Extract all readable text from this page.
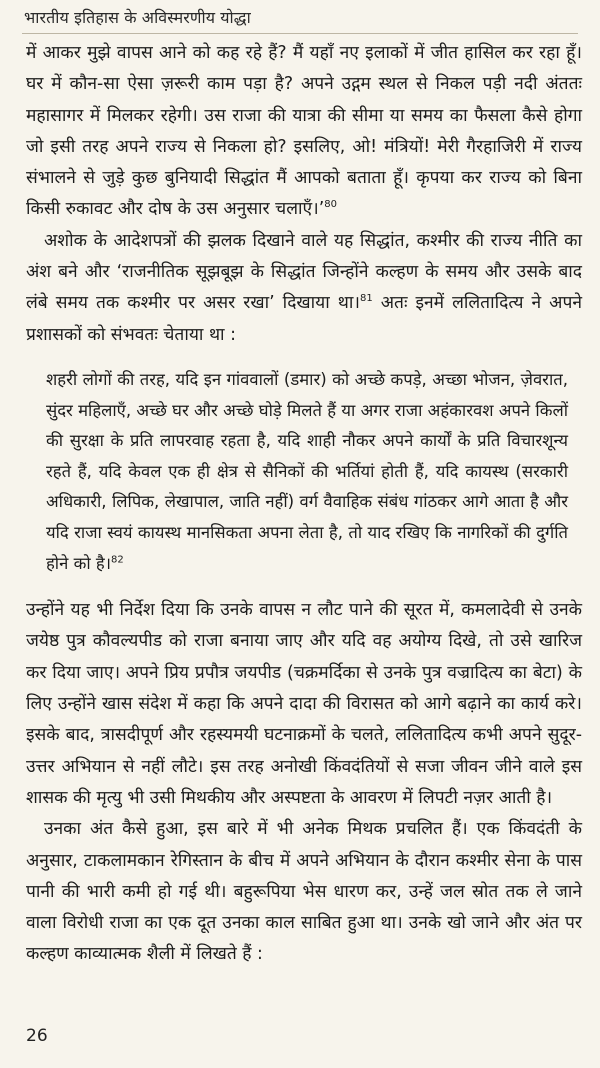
भारतीय इतिहास के अविस्मरणीय योद्धा

में आकर मुझे वापस आने को कह रहे हैं? मैं यहाँ नए इलाकों में जीत हासिल कर रहा हूँ। घर में कौन-सा ऐसा ज़रूरी काम पड़ा है? अपने उद्गम स्थल से निकल पड़ी नदी अंततः महासागर में मिलकर रहेगी। उस राजा की यात्रा की सीमा या समय का फैसला कैसे होगा जो इसी तरह अपने राज्य से निकला हो? इसलिए, ओ! मंत्रियों! मेरी गैरहाजिरी में राज्य संभालने से जुड़े कुछ बुनियादी सिद्धांत मैं आपको बताता हूँ। कृपया कर राज्य को बिना किसी रुकावट और दोष के उस अनुसार चलाएँ।’$^{80}$

अशोक के आदेशपत्रों की झलक दिखाने वाले यह सिद्धांत, कश्मीर की राज्य नीति का अंश बने और ‘राजनीतिक सूझबूझ के सिद्धांत जिन्होंने कल्हण के समय और उसके बाद लंबे समय तक कश्मीर पर असर रखा’ दिखाया था।$^{81}$ अतः इनमें ललितादित्य ने अपने प्रशासकों को संभवतः चेताया था :

शहरी लोगों की तरह, यदि इन गांववालों (डमार) को अच्छे कपड़े, अच्छा भोजन, ज़ेवरात, सुंदर महिलाएँ, अच्छे घर और अच्छे घोड़े मिलते हैं या अगर राजा अहंकारवश अपने किलों की सुरक्षा के प्रति लापरवाह रहता है, यदि शाही नौकर अपने कार्यों के प्रति विचारशून्य रहते हैं, यदि केवल एक ही क्षेत्र से सैनिकों की भर्तियां होती हैं, यदि कायस्थ (सरकारी अधिकारी, लिपिक, लेखापाल, जाति नहीं) वर्ग वैवाहिक संबंध गांठकर आगे आता है और यदि राजा स्वयं कायस्थ मानसिकता अपना लेता है, तो याद रखिए कि नागरिकों की दुर्गति होने को है।$^{82}$

उन्होंने यह भी निर्देश दिया कि उनके वापस न लौट पाने की सूरत में, कमलादेवी से उनके जयेष्ठ पुत्र कौवल्यपीड को राजा बनाया जाए और यदि वह अयोग्य दिखे, तो उसे खारिज कर दिया जाए। अपने प्रिय प्रपौत्र जयपीड (चक्रमर्दिका से उनके पुत्र वज्रादित्य का बेटा) के लिए उन्होंने खास संदेश में कहा कि अपने दादा की विरासत को आगे बढ़ाने का कार्य करे। इसके बाद, त्रासदीपूर्ण और रहस्यमयी घटनाक्रमों के चलते, ललितादित्य कभी अपने सुदूर-उत्तर अभियान से नहीं लौटे। इस तरह अनोखी किंवदंतियों से सजा जीवन जीने वाले इस शासक की मृत्यु भी उसी मिथकीय और अस्पष्टता के आवरण में लिपटी नज़र आती है।

उनका अंत कैसे हुआ, इस बारे में भी अनेक मिथक प्रचलित हैं। एक किंवदंती के अनुसार, टाकलामकान रेगिस्तान के बीच में अपने अभियान के दौरान कश्मीर सेना के पास पानी की भारी कमी हो गई थी। बहुरूपिया भेस धारण कर, उन्हें जल स्रोत तक ले जाने वाला विरोधी राजा का एक दूत उनका काल साबित हुआ था। उनके खो जाने और अंत पर कल्हण काव्यात्मक शैली में लिखते हैं :

26
